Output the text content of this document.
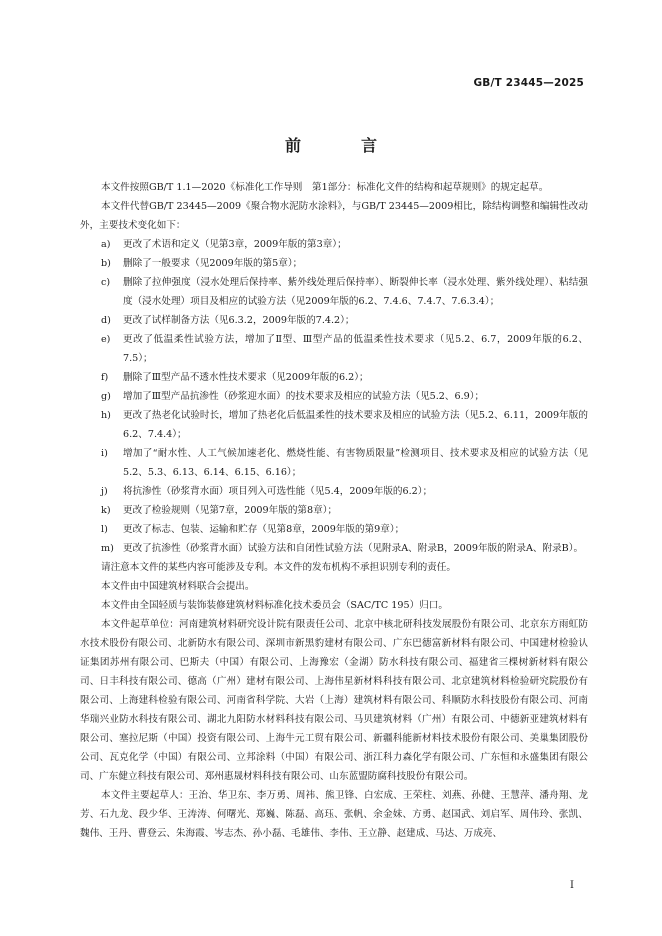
GB/T 23445—2025
前　言

本文件按照GB/T 1.1—2020《标准化工作导则　第1部分：标准化文件的结构和起草规则》的规定起草。

本文件代替GB/T 23445—2009《聚合物水泥防水涂料》，与GB/T 23445—2009相比，除结构调整和编辑性改动外，主要技术变化如下：

a)	更改了术语和定义（见第3章，2009年版的第3章）；
b)	删除了一般要求（见2009年版的第5章）；
c)	删除了拉伸强度（浸水处理后保持率、紫外线处理后保持率）、断裂伸长率（浸水处理、紫外线处理）、粘结强度（浸水处理）项目及相应的试验方法（见2009年版的6.2、7.4.6、7.4.7、7.6.3.4）；
d)	更改了试样制备方法（见6.3.2，2009年版的7.4.2）；
e)	更改了低温柔性试验方法，增加了Ⅱ型、Ⅲ型产品的低温柔性技术要求（见5.2、6.7，2009年版的6.2、7.5）；
f)	删除了Ⅲ型产品不透水性技术要求（见2009年版的6.2）；
g)	增加了Ⅲ型产品抗渗性（砂浆迎水面）的技术要求及相应的试验方法（见5.2、6.9）；
h)	更改了热老化试验时长，增加了热老化后低温柔性的技术要求及相应的试验方法（见5.2、6.11，2009年版的6.2、7.4.4）；
i)	增加了“耐水性、人工气候加速老化、燃烧性能、有害物质限量”检测项目、技术要求及相应的试验方法（见5.2、5.3、6.13、6.14、6.15、6.16）；
j)	将抗渗性（砂浆背水面）项目列入可选性能（见5.4，2009年版的6.2）；
k)	更改了检验规则（见第7章，2009年版的第8章）；
l)	更改了标志、包装、运输和贮存（见第8章，2009年版的第9章）；
m) 更改了抗渗性（砂浆背水面）试验方法和自闭性试验方法（见附录A、附录B，2009年版的附录A、附录B）。

请注意本文件的某些内容可能涉及专利。本文件的发布机构不承担识别专利的责任。

本文件由中国建筑材料联合会提出。

本文件由全国轻质与装饰装修建筑材料标准化技术委员会（SAC/TC 195）归口。

本文件起草单位：河南建筑材料研究设计院有限责任公司、北京中核北研科技发展股份有限公司、北京东方雨虹防水技术股份有限公司、北新防水有限公司、深圳市新黑豹建材有限公司、广东巴德富新材料有限公司、中国建材检验认证集团苏州有限公司、巴斯夫（中国）有限公司、上海豫宏（金湖）防水科技有限公司、福建省三棵树新材料有限公司、日丰科技有限公司、德高（广州）建材有限公司、上海伟星新材料科技有限公司、北京建筑材料检验研究院股份有限公司、上海建科检验有限公司、河南省科学院、大岩（上海）建筑材料有限公司、科顺防水科技股份有限公司、河南华瑞兴业防水科技有限公司、湖北九阳防水材料科技有限公司、马贝建筑材料（广州）有限公司、中德新亚建筑材料有限公司、塞拉尼斯（中国）投资有限公司、上海牛元工贸有限公司、新疆科能新材料技术股份有限公司、美巢集团股份公司、瓦克化学（中国）有限公司、立邦涂料（中国）有限公司、浙江科力森化学有限公司、广东恒和永盛集团有限公司、广东健立科技有限公司、郑州惠晟材料科技有限公司、山东蓝盟防腐科技股份有限公司。

本文件主要起草人：王治、华卫东、李万勇、周祎、熊卫锋、白宏成、王荣柱、刘燕、孙健、王慧萍、潘舟翔、龙芳、石九龙、段少华、王涛涛、何曙光、郑巍、陈磊、高珏、张帆、余金妹、方勇、赵国武、刘启军、周伟玲、张凯、魏伟、王丹、曹登云、朱海霞、岑志杰、孙小磊、毛雄伟、李伟、王立静、赵建成、马达、万成亮、

I
